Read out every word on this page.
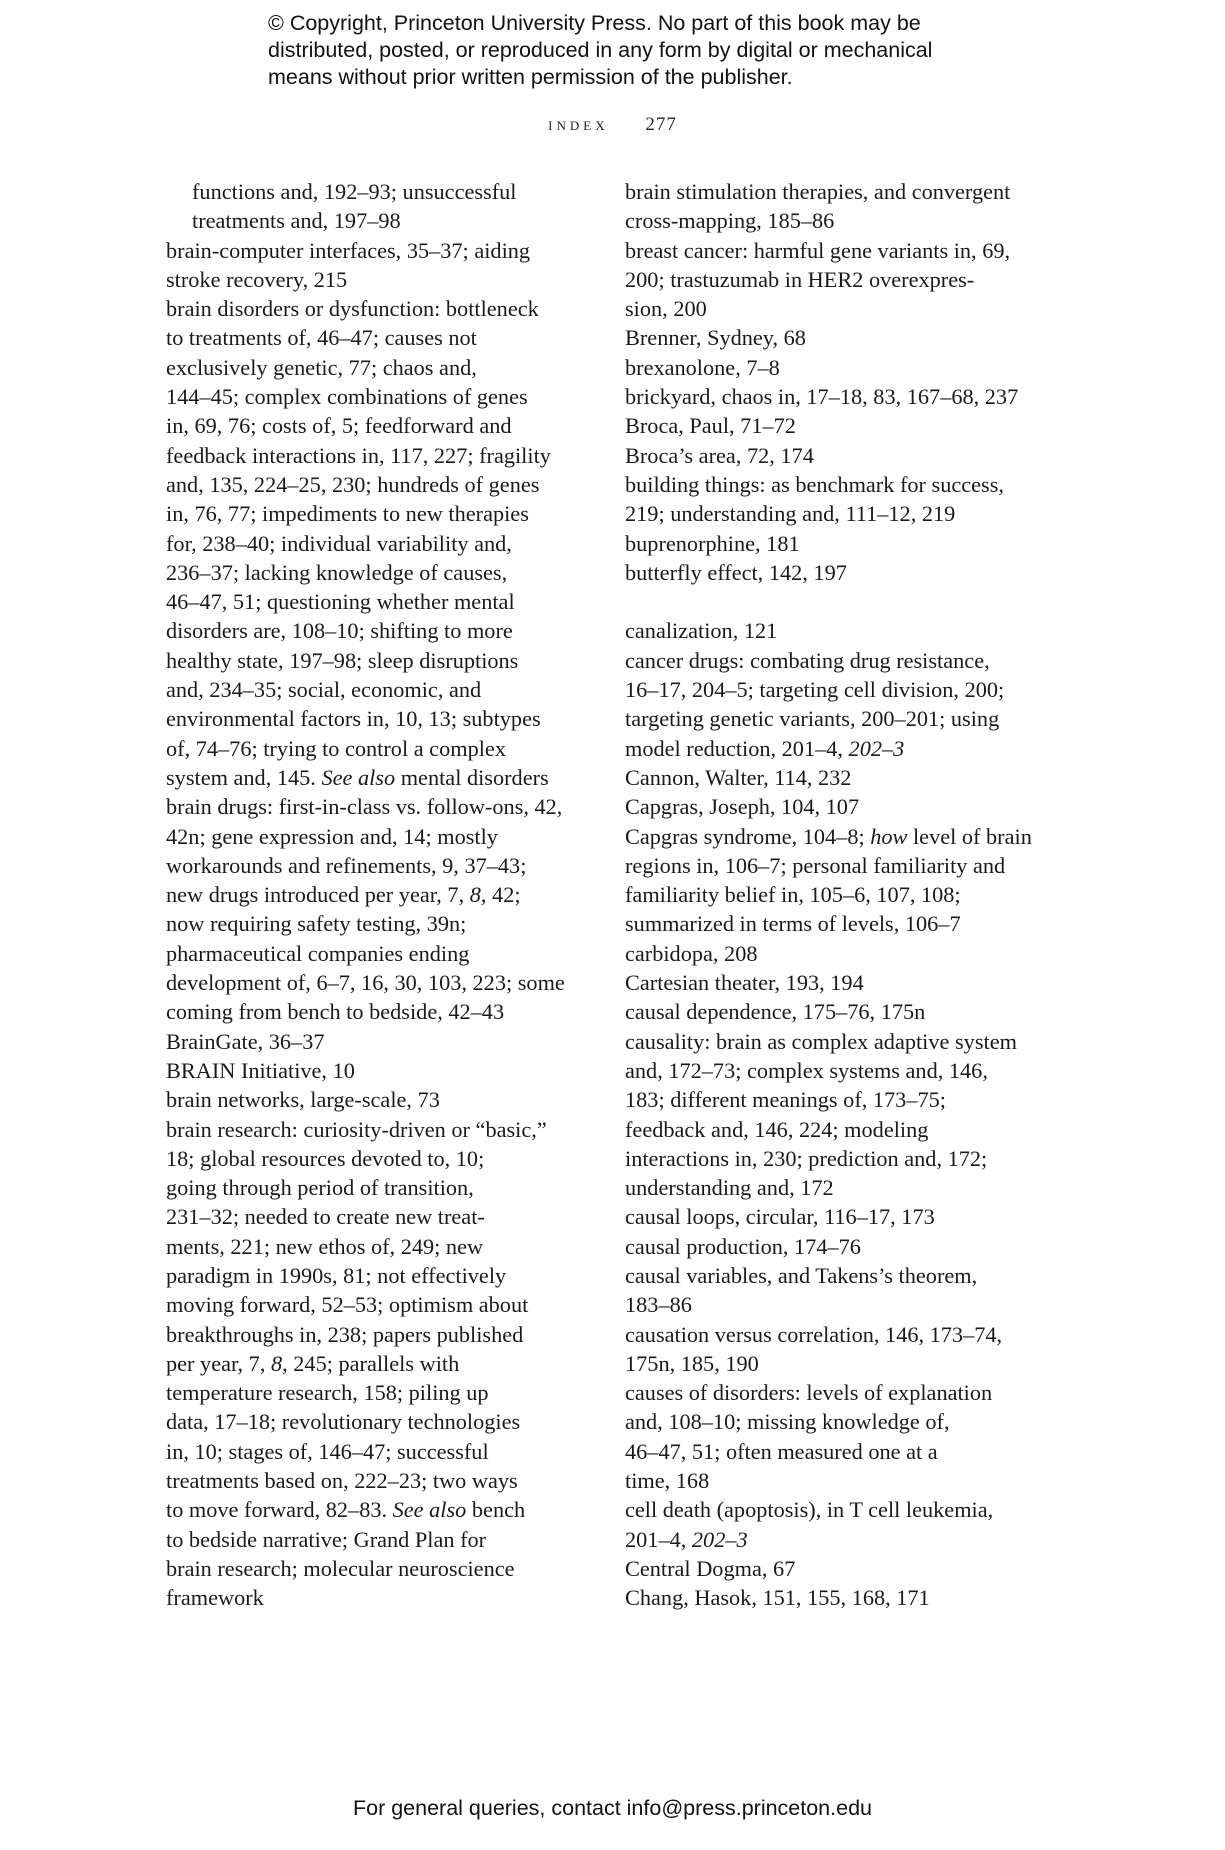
© Copyright, Princeton University Press. No part of this book may be
distributed, posted, or reproduced in any form by digital or mechanical
means without prior written permission of the publisher.
index 277

functions and, 192–93; unsuccessful
treatments and, 197–98

brain-computer interfaces, 35–37; aiding
stroke recovery, 215

brain disorders or dysfunction: bottleneck
to treatments of, 46–47; causes not
exclusively genetic, 77; chaos and,
144–45; complex combinations of genes
in, 69, 76; costs of, 5; feedforward and
feedback interactions in, 117, 227; fragility
and, 135, 224–25, 230; hundreds of genes
in, 76, 77; impediments to new therapies
for, 238–40; individual variability and,
236–37; lacking knowledge of causes,
46–47, 51; questioning whether mental
disorders are, 108–10; shifting to more
healthy state, 197–98; sleep disruptions
and, 234–35; social, economic, and
environmental factors in, 10, 13; subtypes
of, 74–76; trying to control a complex
system and, 145. See also mental disorders

brain drugs: first-in-class vs. follow-ons, 42,
42n; gene expression and, 14; mostly
workarounds and refinements, 9, 37–43;
new drugs introduced per year, 7, 8, 42;
now requiring safety testing, 39n;
pharmaceutical companies ending
development of, 6–7, 16, 30, 103, 223; some
coming from bench to bedside, 42–43

BrainGate, 36–37

BRAIN Initiative, 10

brain networks, large-scale, 73

brain research: curiosity-driven or “basic,”
18; global resources devoted to, 10;
going through period of transition,
231–32; needed to create new treat-
ments, 221; new ethos of, 249; new
paradigm in 1990s, 81; not effectively
moving forward, 52–53; optimism about
breakthroughs in, 238; papers published
per year, 7, 8, 245; parallels with
temperature research, 158; piling up
data, 17–18; revolutionary technologies
in, 10; stages of, 146–47; successful
treatments based on, 222–23; two ways
to move forward, 82–83. See also bench
to bedside narrative; Grand Plan for
brain research; molecular neuroscience
framework

brain stimulation therapies, and convergent
cross-mapping, 185–86

breast cancer: harmful gene variants in, 69,
200; trastuzumab in HER2 overexpres-
sion, 200

Brenner, Sydney, 68

brexanolone, 7–8

brickyard, chaos in, 17–18, 83, 167–68, 237

Broca, Paul, 71–72

Broca’s area, 72, 174

building things: as benchmark for success,
219; understanding and, 111–12, 219

buprenorphine, 181

butterfly effect, 142, 197

canalization, 121

cancer drugs: combating drug resistance,
16–17, 204–5; targeting cell division, 200;
targeting genetic variants, 200–201; using
model reduction, 201–4, 202–3

Cannon, Walter, 114, 232

Capgras, Joseph, 104, 107

Capgras syndrome, 104–8; how level of brain
regions in, 106–7; personal familiarity and
familiarity belief in, 105–6, 107, 108;
summarized in terms of levels, 106–7

carbidopa, 208

Cartesian theater, 193, 194

causal dependence, 175–76, 175n

causality: brain as complex adaptive system
and, 172–73; complex systems and, 146,
183; different meanings of, 173–75;
feedback and, 146, 224; modeling
interactions in, 230; prediction and, 172;
understanding and, 172

causal loops, circular, 116–17, 173

causal production, 174–76

causal variables, and Takens’s theorem,
183–86

causation versus correlation, 146, 173–74,
175n, 185, 190

causes of disorders: levels of explanation
and, 108–10; missing knowledge of,
46–47, 51; often measured one at a
time, 168

cell death (apoptosis), in T cell leukemia,
201–4, 202–3

Central Dogma, 67

Chang, Hasok, 151, 155, 168, 171

For general queries, contact info@press.princeton.edu
